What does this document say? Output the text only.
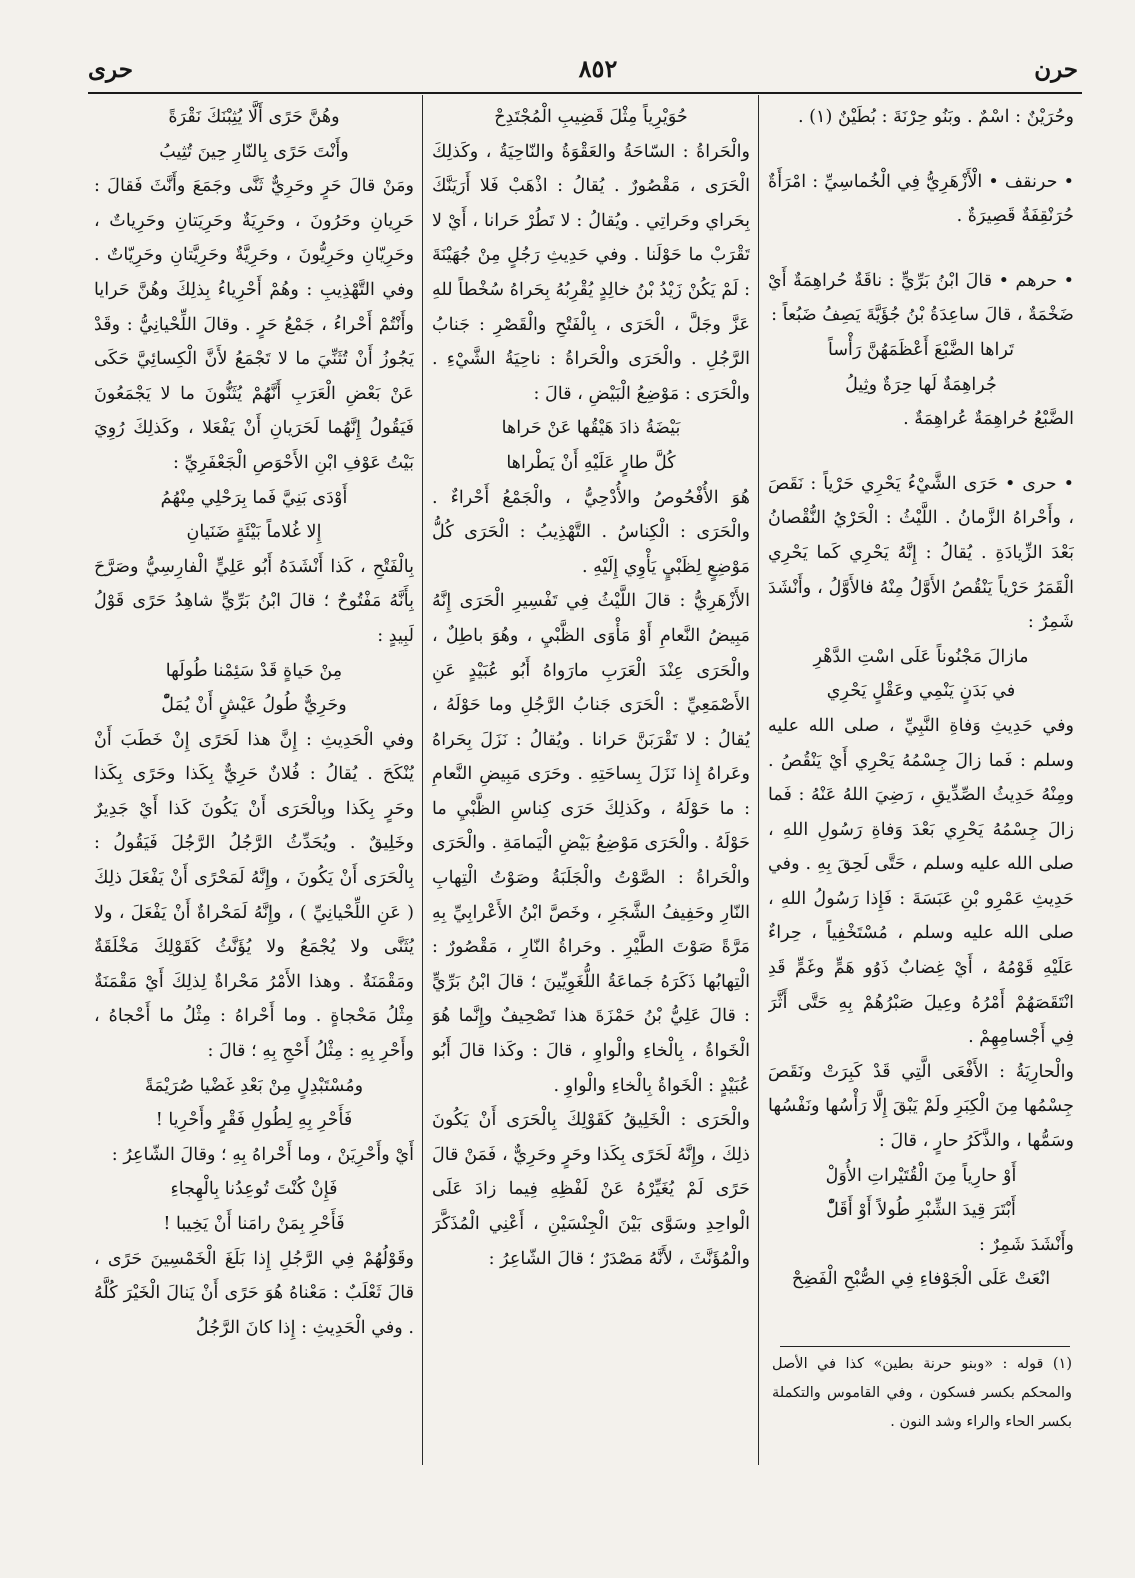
حرن
٨٥٢
حرى

وحُرَيْنٌ : اسْمٌ . وبَنُو حِرْنَةَ : بُطَيْنٌ (١) .

• حرنقف • الْأَزْهَرِيُّ فِي الْخُماسِيِّ : امْرَأَةٌ حُرَنْقِفَةٌ قَصِيرَةٌ .

• حرهم • قالَ ابْنُ بَرِّيٍّ : ناقَةٌ حُراهِمَةٌ أَيْ ضَخْمَةٌ ، قالَ ساعِدَةُ بْنُ جُؤَيَّةَ يَصِفُ ضَبُعاً :

تَراها الضَّبْعَ أَعْظَمَهُنَّ رَأْساً

جُراهِمَةٌ لَها حِرَةٌ وثِيلُ

الضَّبْعُ حُراهِمَةٌ عُراهِمَةٌ .

• حرى • حَرَى الشَّيْءُ يَحْرِي حَرْياً : نَقَصَ ، وأَحْراهُ الزَّمانُ . اللَّيْثُ : الْحَرْيُ النُّقْصانُ بَعْدَ الزِّيادَةِ . يُقالُ : إِنَّهُ يَحْرِي كَما يَحْرِي الْقَمَرُ حَرْياً يَنْقُصُ الأَوَّلُ مِنْهُ فالأَوَّلُ ، وأَنْشَدَ شَمِرٌ :

مازالَ مَجْنُوناً عَلَى اسْتِ الدَّهْرِ

في بَدَنٍ يَنْمِي وعَقْلٍ يَحْرِي

وفي حَدِيثِ وَفاةِ النَّبِيِّ ، صلى الله عليه وسلم : فَما زالَ جِسْمُهُ يَحْرِي أَيْ يَنْقُصُ . ومِنْهُ حَدِيثُ الصِّدِّيقِ ، رَضِيَ اللهُ عَنْهُ : فَما زالَ جِسْمُهُ يَحْرِي بَعْدَ وَفاةِ رَسُولِ اللهِ ، صلى الله عليه وسلم ، حَتَّى لَحِقَ بِهِ . وفي حَدِيثِ عَمْرِو بْنِ عَبَسَةَ : فَإِذا رَسُولُ اللهِ ، صلى الله عليه وسلم ، مُسْتَخْفِياً ، حِراءٌ عَلَيْهِ قَوْمُهُ ، أَيْ غِضابٌ ذَوُو هَمٍّ وغَمٍّ قَدِ انْتَقَصَهُمْ أَمْرُهُ وعِيلَ صَبْرُهُمْ بِهِ حَتَّى أَثَّرَ فِي أَجْسامِهِمْ .

والْحارِيَةُ : الأَفْعَى الَّتِي قَدْ كَبِرَتْ ونَقَصَ جِسْمُها مِنَ الْكِبَرِ ولَمْ يَبْقَ إِلَّا رَأْسُها ونَفْسُها وسَمُّها ، والذَّكَرُ حارٍ ، قالَ :

أَوْ حارِياً مِنَ الْقُتَيْراتِ الأُوَلْ

أَبْتَرَ قِيدَ الشِّبْرِ طُولاً أَوْ أَقَلّْ

وأَنْشَدَ شَمِرٌ :

انْعَتْ عَلَى الْجَوْفاءِ فِي الصُّبْحِ الْفَضِحْ

(١) قوله : «وبنو حرنة بطين» كذا في الأصل والمحكم بكسر فسكون ، وفي القاموس والتكملة بكسر الحاء والراء وشد النون .

حُوَيْرِياً مِثْلَ قَضِيبِ الْمُجْتَدِحْ

والْحَراةُ : السّاحَةُ والعَقْوَةُ والنّاحِيَةُ ، وكَذلِكَ الْحَرَى ، مَقْصُورٌ . يُقالُ : اذْهَبْ فَلا أَرَيَنَّكَ بِحَراي وحَراتِي . ويُقالُ : لا تَطُرْ حَرانا ، أَيْ لا تَقْرَبْ ما حَوْلَنا . وفي حَدِيثِ رَجُلٍ مِنْ جُهَيْنَةَ : لَمْ يَكُنْ زَيْدُ بْنُ خالِدٍ يُقْرِبُهُ بِحَراهُ سُخْطاً للهِ عَزَّ وجَلَّ ، الْحَرَى ، بِالْفَتْحِ والْقَصْرِ : جَنابُ الرَّجُلِ . والْحَرَى والْحَراةُ : ناحِيَةُ الشَّيْءِ . والْحَرَى : مَوْضِعُ الْبَيْضِ ، قالَ :

بَيْضَةُ ذادَ هَيْقُها عَنْ حَراها

كُلَّ طارٍ عَلَيْهِ أَنْ يَطْراها

هُوَ الأُفْحُوصُ والأُدْحِيُّ ، والْجَمْعُ أَحْراءٌ . والْحَرَى : الْكِناسُ . التَّهْذِيبُ : الْحَرَى كُلُّ مَوْضِعٍ لِظَبْيٍ يَأْوِي إِلَيْهِ .

الأَزْهَرِيُّ : قالَ اللَّيْثُ فِي تَفْسِيرِ الْحَرَى إِنَّهُ مَبِيضُ النَّعامِ أَوْ مَأْوَى الظَّبْيِ ، وهُوَ باطِلٌ ، والْحَرَى عِنْدَ الْعَرَبِ مارَواهُ أَبُو عُبَيْدٍ عَنِ الأَصْمَعِيِّ : الْحَرَى جَنابُ الرَّجُلِ وما حَوْلَهُ ، يُقالُ : لا تَقْرَبَنَّ حَرانا . ويُقالُ : نَزَلَ بِحَراهُ وعَراهُ إِذا نَزَلَ بِساحَتِهِ . وحَرَى مَبِيضِ النَّعامِ : ما حَوْلَهُ ، وكَذلِكَ حَرَى كِناسِ الظَّبْيِ ما حَوْلَهُ . والْحَرَى مَوْضِعُ بَيْضِ الْيَمامَةِ . والْحَرَى والْحَراةُ : الصَّوْتُ والْجَلَبَةُ وصَوْتُ الْتِهابِ النّارِ وحَفِيفُ الشَّجَرِ ، وخَصَّ ابْنُ الأَعْرابِيِّ بِهِ مَرَّةً صَوْتَ الطَّيْرِ . وحَراةُ النّارِ ، مَقْصُورٌ : الْتِهابُها ذَكَرَهُ جَماعَةُ اللُّغَوِيِّينَ ؛ قالَ ابْنُ بَرِّيٍّ : قالَ عَلِيُّ بْنُ حَمْزَةَ هذا تَصْحِيفٌ وإِنَّما هُوَ الْخَواةُ ، بِالْخاءِ والْواوِ ، قالَ : وكَذا قالَ أَبُو عُبَيْدٍ : الْخَواةُ بِالْخاءِ والْواوِ .

والْحَرَى : الْخَلِيقُ كَقَوْلِكَ بِالْحَرَى أَنْ يَكُونَ ذلِكَ ، وإِنَّهُ لَحَرًى بِكَذا وحَرٍ وحَرِيٌّ ، فَمَنْ قالَ حَرًى لَمْ يُغَيِّرْهُ عَنْ لَفْظِهِ فِيما زادَ عَلَى الْواحِدِ وسَوَّى بَيْنَ الْجِنْسَيْنِ ، أَعْنِي الْمُذَكَّرَ والْمُؤَنَّثَ ، لأَنَّهُ مَصْدَرٌ ؛ قالَ الشّاعِرُ :

وهُنَّ حَرًى أَلَّا يُثِبْنَكَ نَقْرَةً

وأَنْتَ حَرًى بِالنّارِ حِينَ تُثِيبُ

ومَنْ قالَ حَرٍ وحَرِيٌّ ثَنَّى وجَمَعَ وأَنَّثَ فَقالَ : حَرِيانِ وحَرُونَ ، وحَرِيَةٌ وحَرِيَتانِ وحَرِياتٌ ، وحَرِيّانِ وحَرِيُّونَ ، وحَرِيَّةٌ وحَرِيَّتانِ وحَرِيّاتٌ . وفي التَّهْذِيبِ : وهُمْ أَحْرِياءُ بِذلِكَ وهُنَّ حَرايا وأَنْتُمْ أَحْراءُ ، جَمْعُ حَرٍ . وقالَ اللِّحْيانِيُّ : وقَدْ يَجُوزُ أَنْ تُثَنِّيَ ما لا تَجْمَعُ لأَنَّ الْكِسائِيَّ حَكَى عَنْ بَعْضِ الْعَرَبِ أَنَّهُمْ يُثَنُّونَ ما لا يَجْمَعُونَ فَيَقُولُ إِنَّهُما لَحَرَيانِ أَنْ يَفْعَلا ، وكَذلِكَ رُوِيَ بَيْتُ عَوْفِ ابْنِ الأَحْوَصِ الْجَعْفَرِيِّ :

أَوْدَى بَنِيَّ فَما بِرَحْلِي مِنْهُمُ

إِلا غُلاماً بَيْئَةٍ ضَنَيانِ

بِالْفَتْحِ ، كَذا أَنْشَدَهُ أَبُو عَلِيٍّ الْفارِسِيُّ وصَرَّحَ بِأَنَّهُ مَفْتُوحٌ ؛ قالَ ابْنُ بَرِّيٍّ شاهِدُ حَرًى قَوْلُ لَبِيدٍ :

مِنْ حَياةٍ قَدْ سَئِمْنا طُولَها

وحَرِيٌّ طُولُ عَيْشٍ أَنْ يُمَلّْ

وفي الْحَدِيثِ : إِنَّ هذا لَحَرًى إِنْ خَطَبَ أَنْ يُنْكَحَ . يُقالُ : فُلانٌ حَرِيٌّ بِكَذا وحَرًى بِكَذا وحَرٍ بِكَذا وبِالْحَرَى أَنْ يَكُونَ كَذا أَيْ جَدِيرٌ وخَلِيقٌ . ويُحَدِّثُ الرَّجُلُ الرَّجُلَ فَيَقُولُ : بِالْحَرَى أَنْ يَكُونَ ، وإِنَّهُ لَمَحْرًى أَنْ يَفْعَلَ ذلِكَ ( عَنِ اللِّحْيانِيِّ ) ، وإِنَّهُ لَمَحْراةٌ أَنْ يَفْعَلَ ، ولا يُثَنَّى ولا يُجْمَعُ ولا يُؤَنَّثُ كَقَوْلِكَ مَخْلَقَةٌ ومَقْمَنَةٌ . وهذا الأَمْرُ مَحْراةٌ لِذلِكَ أَيْ مَقْمَنَةٌ مِثْلُ مَحْجاةٍ . وما أَحْراهُ : مِثْلُ ما أَحْجاهُ ، وأَحْرِ بِهِ : مِثْلُ أَحْجِ بِهِ ؛ قالَ :

ومُسْتَبْدِلٍ مِنْ بَعْدِ غَضْيا صُرَيْمَةً

فَأَحْرِ بِهِ لِطُولِ فَقْرٍ وأَحْرِيا !

أَيْ وأَحْرِيَنْ ، وما أَحْراهُ بِهِ ؛ وقالَ الشّاعِرُ :

فَإِنْ كُنْتَ تُوعِدُنا بِالْهِجاءِ

فَأَحْرِ بِمَنْ رامَنا أَنْ يَخِيبا !

وقَوْلُهُمْ فِي الرَّجُلِ إِذا بَلَغَ الْخَمْسِينَ حَرًى ، قالَ ثَعْلَبٌ : مَعْناهُ هُوَ حَرًى أَنْ يَنالَ الْخَيْرَ كُلَّهُ . وفي الْحَدِيثِ : إِذا كانَ الرَّجُلُ
